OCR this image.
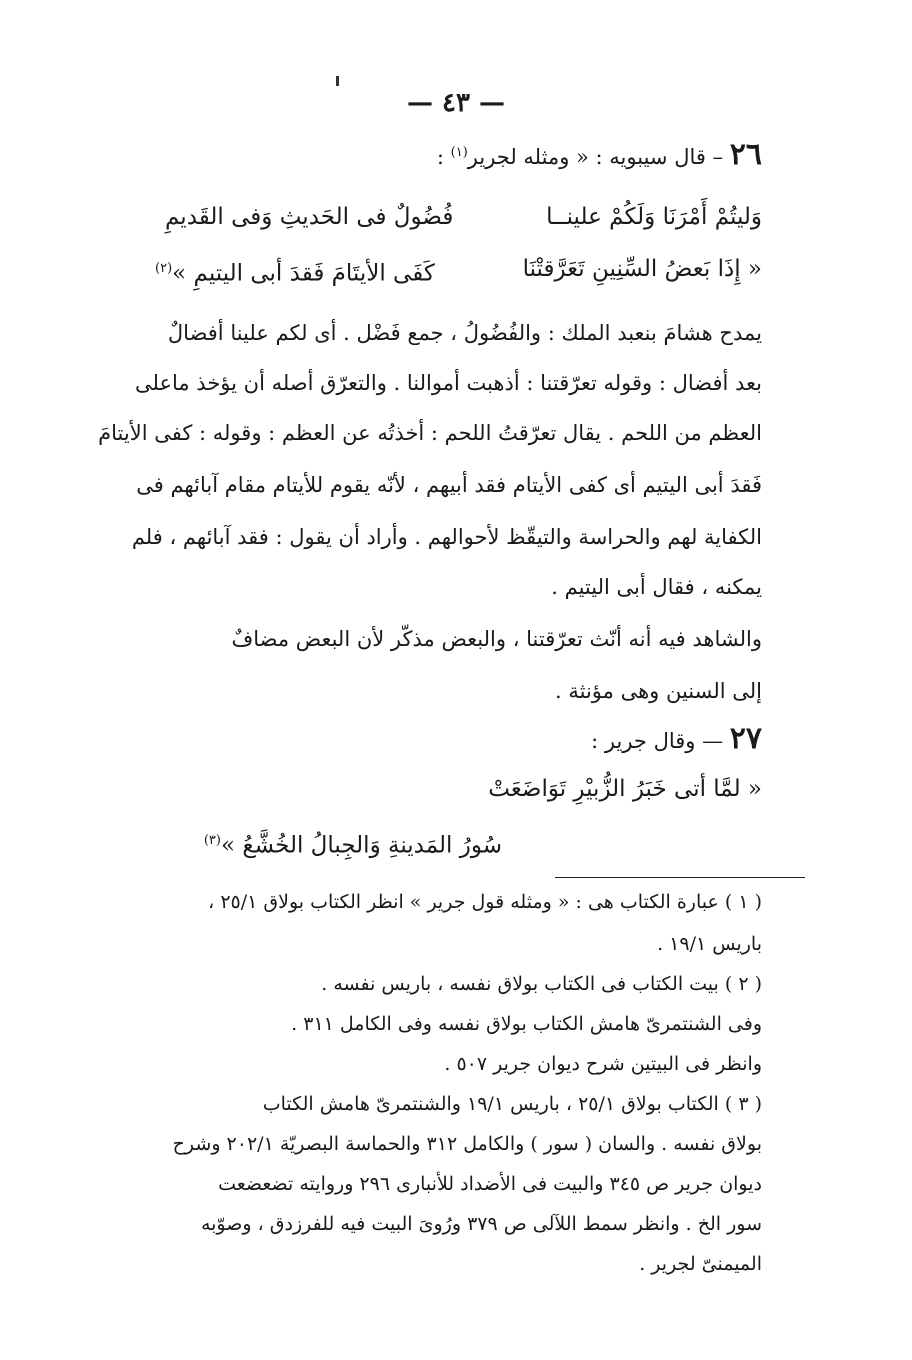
— ٤٣ —
٢٦ – قال سيبويه : « ومثله لجرير$^{(١)}$ :
وَليتُمْ أَمْرَنَا وَلَكُمْ علينــا
فُضُولٌ فى الحَديثِ وَفى القَديمِ
« إِذَا بَعضُ السِّنِينِ تَعَرَّقتْنَا
كَفَى الأيتَامَ فَقدَ أبى اليتيمِ »$^{(٢)}$
يمدح هشامَ بنعبد الملك : والفُضُولُ ، جمع فَضْل . أى لكم علينا أفضالٌ
بعد أفضال : وقوله تعرّقتنا : أذهبت أموالنا . والتعرّق أصله أن يؤخذ ماعلى
العظم من اللحم . يقال تعرّقتُ اللحم : أخذتُه عن العظم : وقوله : كفى الأيتامَ
فَقدَ أبى اليتيم أى كفى الأيتام فقد أبيهم ، لأنّه يقوم للأيتام مقام آبائهم فى
الكفاية لهم والحراسة والتيقّظ لأحوالهم . وأراد أن يقول : فقد آبائهم ، فلم
يمكنه ، فقال أبى اليتيم .
والشاهد فيه أنه أنّث تعرّقتنا ، والبعض مذكّر لأن البعض مضافٌ
إلى السنين وهى مؤنثة .
٢٧ — وقال جرير :
« لمَّا أتى خَبَرُ الزُّبيْرِ تَوَاضَعَتْ
سُورُ المَدينةِ وَالجِبالُ الخُشَّعُ »$^{(٣)}$
( ١ ) عبارة الكتاب هى : « ومثله قول جرير » انظر الكتاب بولاق ٢٥/١ ،
باريس ١٩/١ .
( ٢ ) بيت الكتاب فى الكتاب بولاق نفسه ، باريس نفسه .
وفى الشنتمرىّ هامش الكتاب بولاق نفسه وفى الكامل ٣١١ .
وانظر فى البيتين شرح ديوان جرير ٥٠٧ .
( ٣ ) الكتاب بولاق ٢٥/١ ، باريس ١٩/١ والشنتمرىّ هامش الكتاب
بولاق نفسه . والسان ( سور ) والكامل ٣١٢ والحماسة البصريّة ٢٠٢/١ وشرح
ديوان جرير ص ٣٤٥ والبيت فى الأضداد للأنبارى ٢٩٦ وروايته تضعضعت
سور الخ . وانظر سمط اللآلى ص ٣٧٩ ورُوىَ البيت فيه للفرزدق ، وصوّبه
الميمنىّ لجرير .
